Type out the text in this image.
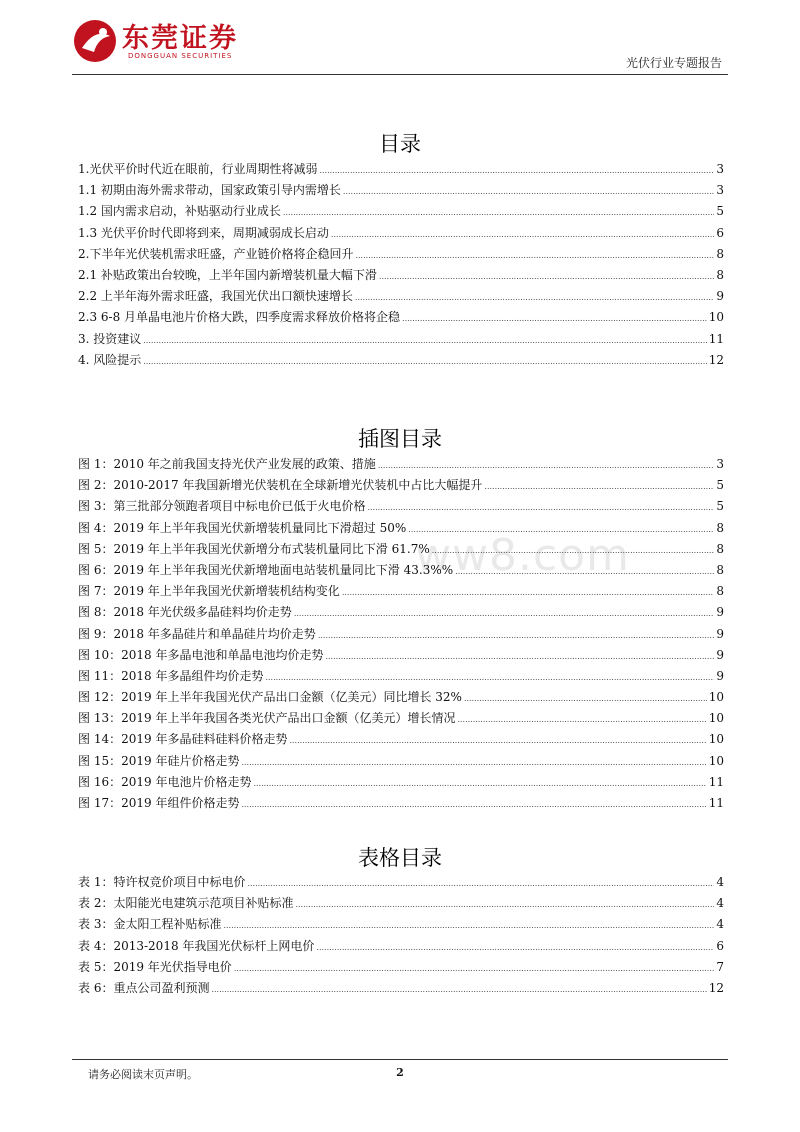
东莞证券
DONGGUAN SECURITIES	光伏行业专题报告
ww8.com
目录
1.光伏平价时代近在眼前，行业周期性将减弱 .....	3
1.1 初期由海外需求带动，国家政策引导内需增长 .....	3
1.2 国内需求启动，补贴驱动行业成长 .....	5
1.3 光伏平价时代即将到来，周期减弱成长启动 .....	6
2.下半年光伏装机需求旺盛，产业链价格将企稳回升 .....	8
2.1 补贴政策出台较晚，上半年国内新增装机量大幅下滑 .....	8
2.2 上半年海外需求旺盛，我国光伏出口额快速增长 .....	9
2.3 6-8 月单晶电池片价格大跌，四季度需求释放价格将企稳 .....	10
3. 投资建议 .....	11
4. 风险提示 .....	12
插图目录
图 1：2010 年之前我国支持光伏产业发展的政策、措施 .....	3
图 2：2010-2017 年我国新增光伏装机在全球新增光伏装机中占比大幅提升 .....	5
图 3：第三批部分领跑者项目中标电价已低于火电价格 .....	5
图 4：2019 年上半年我国光伏新增装机量同比下滑超过 50% .....	8
图 5：2019 年上半年我国光伏新增分布式装机量同比下滑 61.7% .....	8
图 6：2019 年上半年我国光伏新增地面电站装机量同比下滑 43.3%% .....	8
图 7：2019 年上半年我国光伏新增装机结构变化 .....	8
图 8：2018 年光伏级多晶硅料均价走势 .....	9
图 9：2018 年多晶硅片和单晶硅片均价走势 .....	9
图 10：2018 年多晶电池和单晶电池均价走势 .....	9
图 11：2018 年多晶组件均价走势 .....	9
图 12：2019 年上半年我国光伏产品出口金额（亿美元）同比增长 32% .....	10
图 13：2019 年上半年我国各类光伏产品出口金额（亿美元）增长情况 .....	10
图 14：2019 年多晶硅料硅料价格走势 .....	10
图 15：2019 年硅片价格走势 .....	10
图 16：2019 年电池片价格走势 .....	11
图 17：2019 年组件价格走势 .....	11
表格目录
表 1：特许权竞价项目中标电价 .....	4
表 2：太阳能光电建筑示范项目补贴标准 .....	4
表 3：金太阳工程补贴标准 .....	4
表 4：2013-2018 年我国光伏标杆上网电价 .....	6
表 5：2019 年光伏指导电价 .....	7
表 6：重点公司盈利预测 .....	12
请务必阅读末页声明。	2
